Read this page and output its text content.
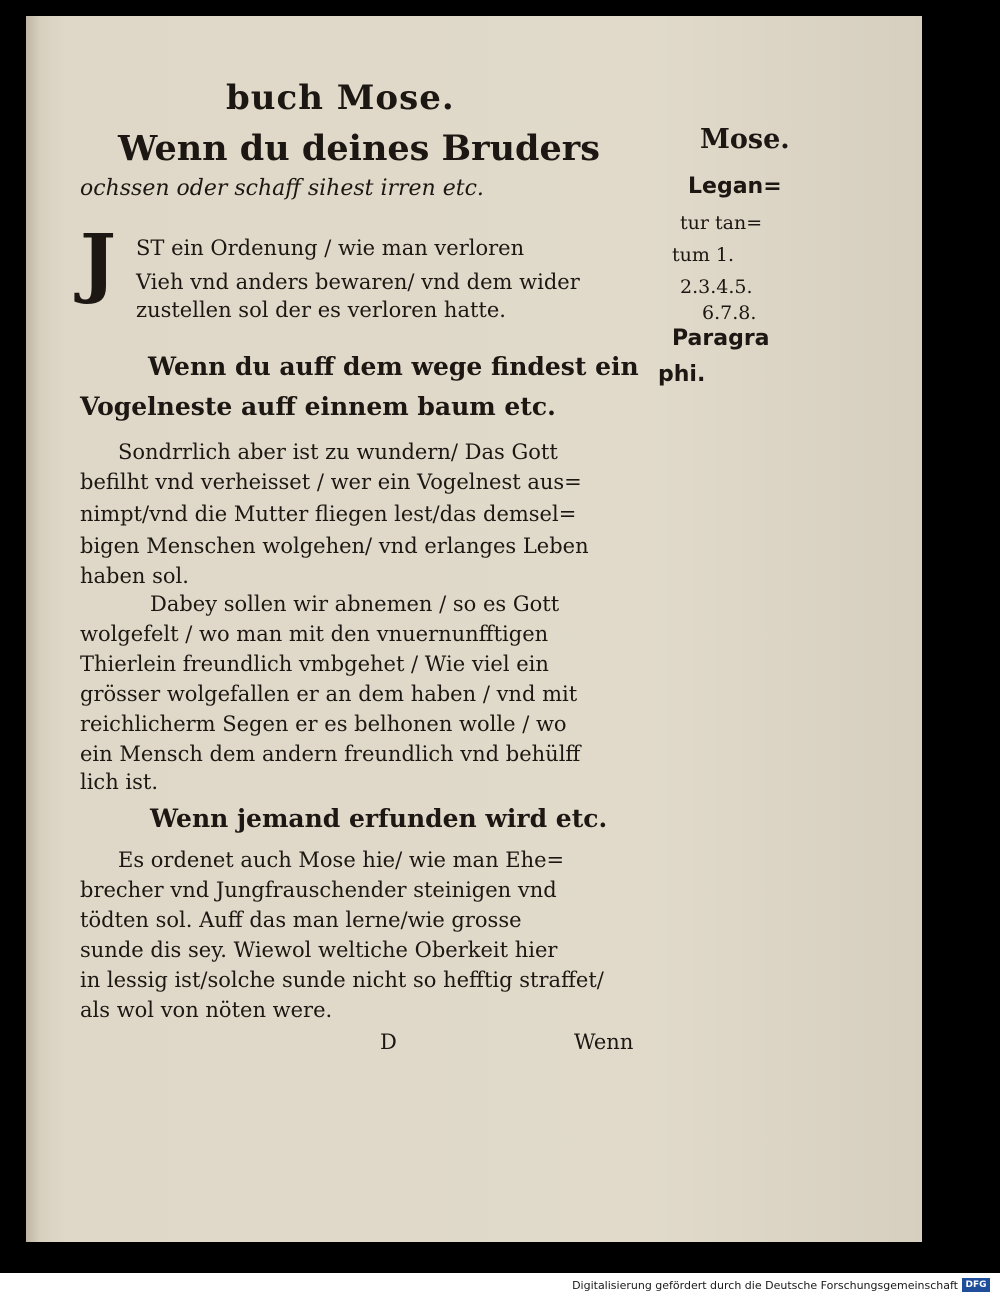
buch Mose.
Wenn du deines Bruders
ochssen oder schaff sihest irren etc.
J ST ein Ordenung / wie man verloren
Vieh vnd anders bewaren/ vnd dem wider
zustellen sol der es verloren hatte.
Wenn du auff dem wege findest ein
Vogelneste auff einnem baum etc.
Sondrrlich aber ist zu wundern/ Das Gott
befilht vnd verheisset / wer ein Vogelnest aus=
nimpt/vnd die Mutter fliegen lest/das demsel=
bigen Menschen wolgehen/ vnd erlanges Leben
haben sol.
Dabey sollen wir abnemen / so es Gott
wolgefelt / wo man mit den vnuernunfftigen
Thierlein freundlich vmbgehet / Wie viel ein
grösser wolgefallen er an dem haben / vnd mit
reichlicherm Segen er es belhonen wolle / wo
ein Mensch dem andern freundlich vnd behülff
lich ist.
Wenn jemand erfunden wird etc.
Es ordenet auch Mose hie/ wie man Ehe=
brecher vnd Jungfrauschender steinigen vnd
tödten sol. Auff das man lerne/wie grosse
sunde dis sey. Wiewol weltiche Oberkeit hier
in lessig ist/solche sunde nicht so hefftig straffet/
als wol von nöten were.
D	Wenn
Mose.
Legan=
tur tan=
tum 1.
2.3.4.5.
6.7.8.
Paragra
phi.
Digitalisierung gefördert durch die Deutsche Forschungsgemeinschaft DFG
